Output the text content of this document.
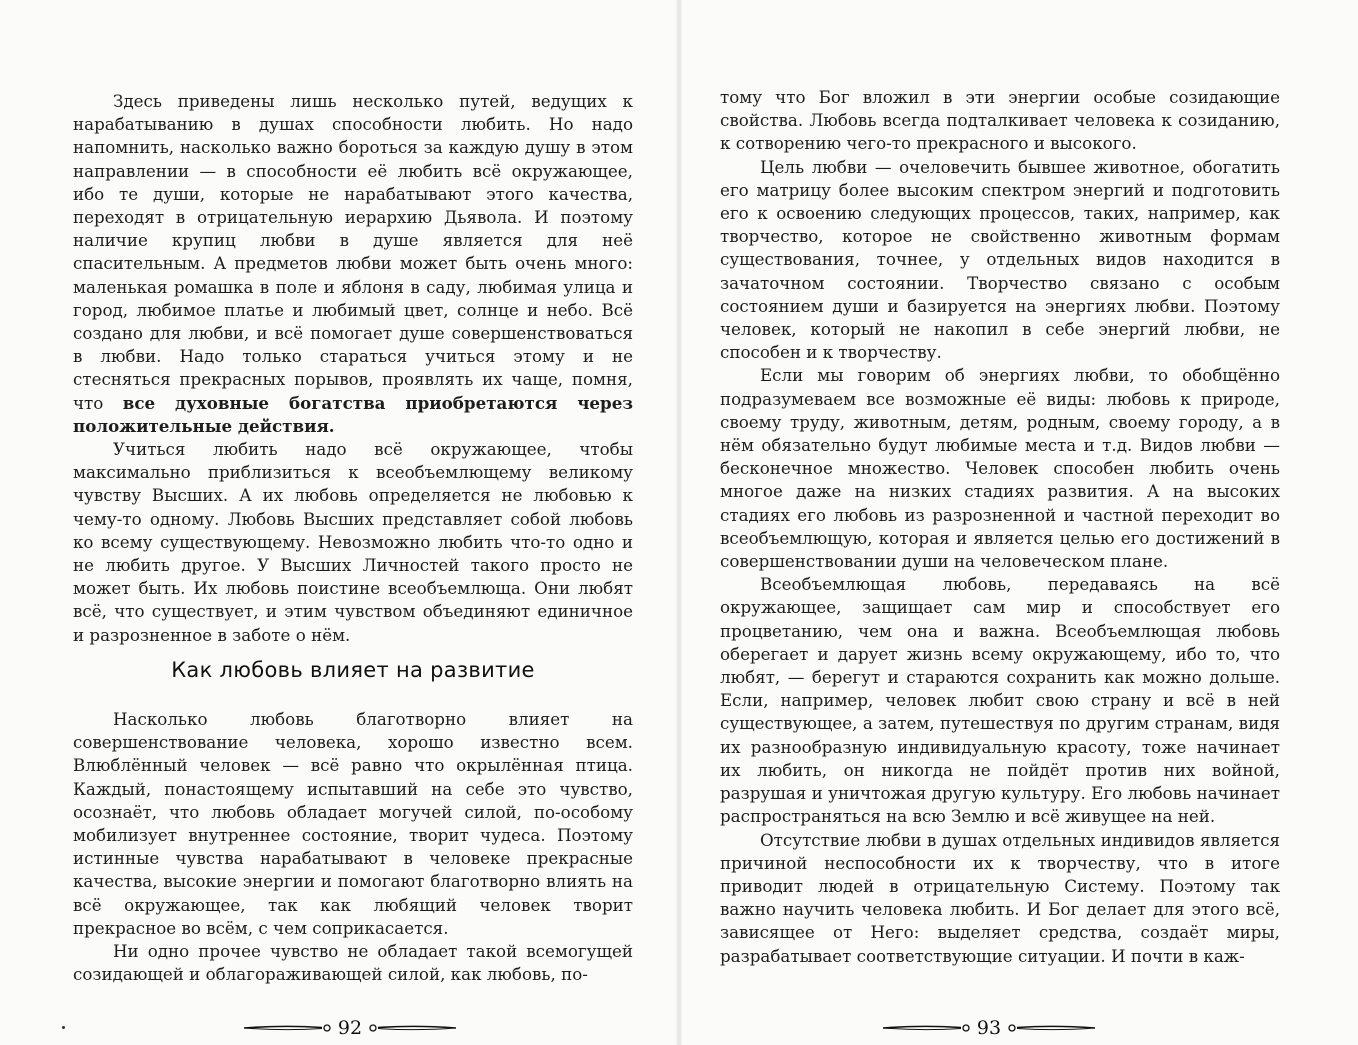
Здесь приведены лишь несколько путей, ведущих к нарабатыванию в душах способности любить. Но надо напомнить, насколько важно бороться за каждую душу в этом направлении — в способности её любить всё окружающее, ибо те души, которые не нарабатывают этого качества, переходят в отрицательную иерархию Дьявола. И поэтому наличие крупиц любви в душе является для неё спасительным. А предметов любви может быть очень много: маленькая ромашка в поле и яблоня в саду, любимая улица и город, любимое платье и любимый цвет, солнце и небо. Всё создано для любви, и всё помогает душе совершенствоваться в любви. Надо только стараться учиться этому и не стесняться прекрасных порывов, проявлять их чаще, помня, что все духовные богатства приобретаются через положительные действия.

Учиться любить надо всё окружающее, чтобы максимально приблизиться к всеобъемлющему великому чувству Высших. А их любовь определяется не любовью к чему-то одному. Любовь Высших представляет собой любовь ко всему существующему. Невозможно любить что-то одно и не любить другое. У Высших Личностей такого просто не может быть. Их любовь поистине всеобъемлюща. Они любят всё, что существует, и этим чувством объединяют единичное и разрозненное в заботе о нём.

Как любовь влияет на развитие

Насколько любовь благотворно влияет на совершенствование человека, хорошо известно всем. Влюблённый человек — всё равно что окрылённая птица. Каждый, понастоящему испытавший на себе это чувство, осознаёт, что любовь обладает могучей силой, по-особому мобилизует внутреннее состояние, творит чудеса. Поэтому истинные чувства нарабатывают в человеке прекрасные качества, высокие энергии и помогают благотворно влиять на всё окружающее, так как любящий человек творит прекрасное во всём, с чем соприкасается.

Ни одно прочее чувство не обладает такой всемогущей созидающей и облагораживающей силой, как любовь, по-

92

тому что Бог вложил в эти энергии особые созидающие свойства. Любовь всегда подталкивает человека к созиданию, к сотворению чего-то прекрасного и высокого.

Цель любви — очеловечить бывшее животное, обогатить его матрицу более высоким спектром энергий и подготовить его к освоению следующих процессов, таких, например, как творчество, которое не свойственно животным формам существования, точнее, у отдельных видов находится в зачаточном состоянии. Творчество связано с особым состоянием души и базируется на энергиях любви. Поэтому человек, который не накопил в себе энергий любви, не способен и к творчеству.

Если мы говорим об энергиях любви, то обобщённо подразумеваем все возможные её виды: любовь к природе, своему труду, животным, детям, родным, своему городу, а в нём обязательно будут любимые места и т.д. Видов любви — бесконечное множество. Человек способен любить очень многое даже на низких стадиях развития. А на высоких стадиях его любовь из разрозненной и частной переходит во всеобъемлющую, которая и является целью его достижений в совершенствовании души на человеческом плане.

Всеобъемлющая любовь, передаваясь на всё окружающее, защищает сам мир и способствует его процветанию, чем она и важна. Всеобъемлющая любовь оберегает и дарует жизнь всему окружающему, ибо то, что любят, — берегут и стараются сохранить как можно дольше. Если, например, человек любит свою страну и всё в ней существующее, а затем, путешествуя по другим странам, видя их разнообразную индивидуальную красоту, тоже начинает их любить, он никогда не пойдёт против них войной, разрушая и уничтожая другую культуру. Его любовь начинает распространяться на всю Землю и всё живущее на ней.

Отсутствие любви в душах отдельных индивидов является причиной неспособности их к творчеству, что в итоге приводит людей в отрицательную Систему. Поэтому так важно научить человека любить. И Бог делает для этого всё, зависящее от Него: выделяет средства, создаёт миры, разрабатывает соответствующие ситуации. И почти в каж-

93
